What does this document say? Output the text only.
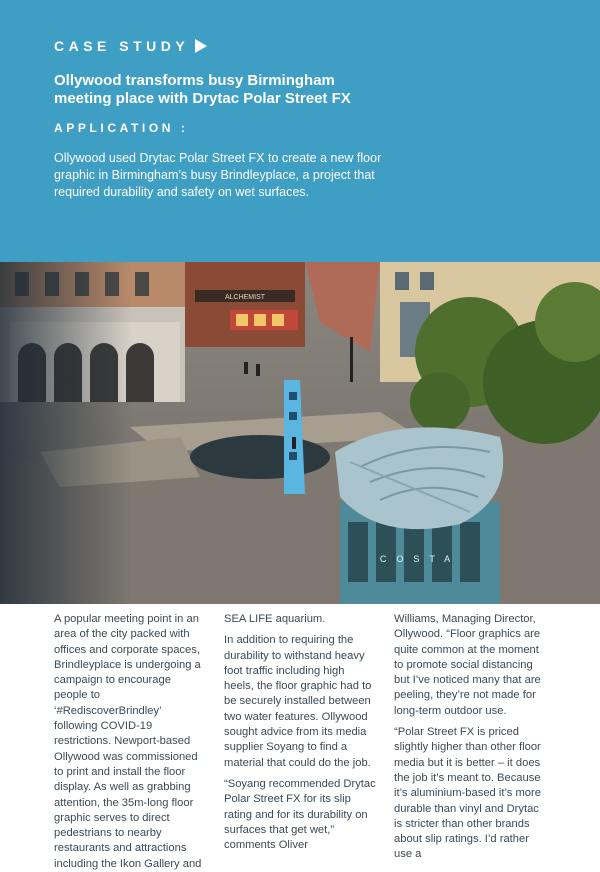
CASE STUDY
Ollywood transforms busy Birmingham meeting place with Drytac Polar Street FX
APPLICATION :
Ollywood used Drytac Polar Street FX to create a new floor graphic in Birmingham’s busy Brindleyplace, a project that required durability and safety on wet surfaces.

A popular meeting point in an area of the city packed with offices and corporate spaces, Brindleyplace is undergoing a campaign to encourage people to ‘#RediscoverBrindley’ following COVID-19 restrictions. Newport-based Ollywood was commissioned to print and install the floor display. As well as grabbing attention, the 35m-long floor graphic serves to direct pedestrians to nearby restaurants and attractions including the Ikon Gallery and

SEA LIFE aquarium.

In addition to requiring the durability to withstand heavy foot traffic including high heels, the floor graphic had to be securely installed between two water features. Ollywood sought advice from its media supplier Soyang to find a material that could do the job.

“Soyang recommended Drytac Polar Street FX for its slip rating and for its durability on surfaces that get wet,” comments Oliver

Williams, Managing Director, Ollywood. “Floor graphics are quite common at the moment to promote social distancing but I’ve noticed many that are peeling, they’re not made for long-term outdoor use.

“Polar Street FX is priced slightly higher than other floor media but it is better – it does the job it’s meant to. Because it’s aluminium-based it’s more durable than vinyl and Drytac is stricter than other brands about slip ratings. I’d rather use a
